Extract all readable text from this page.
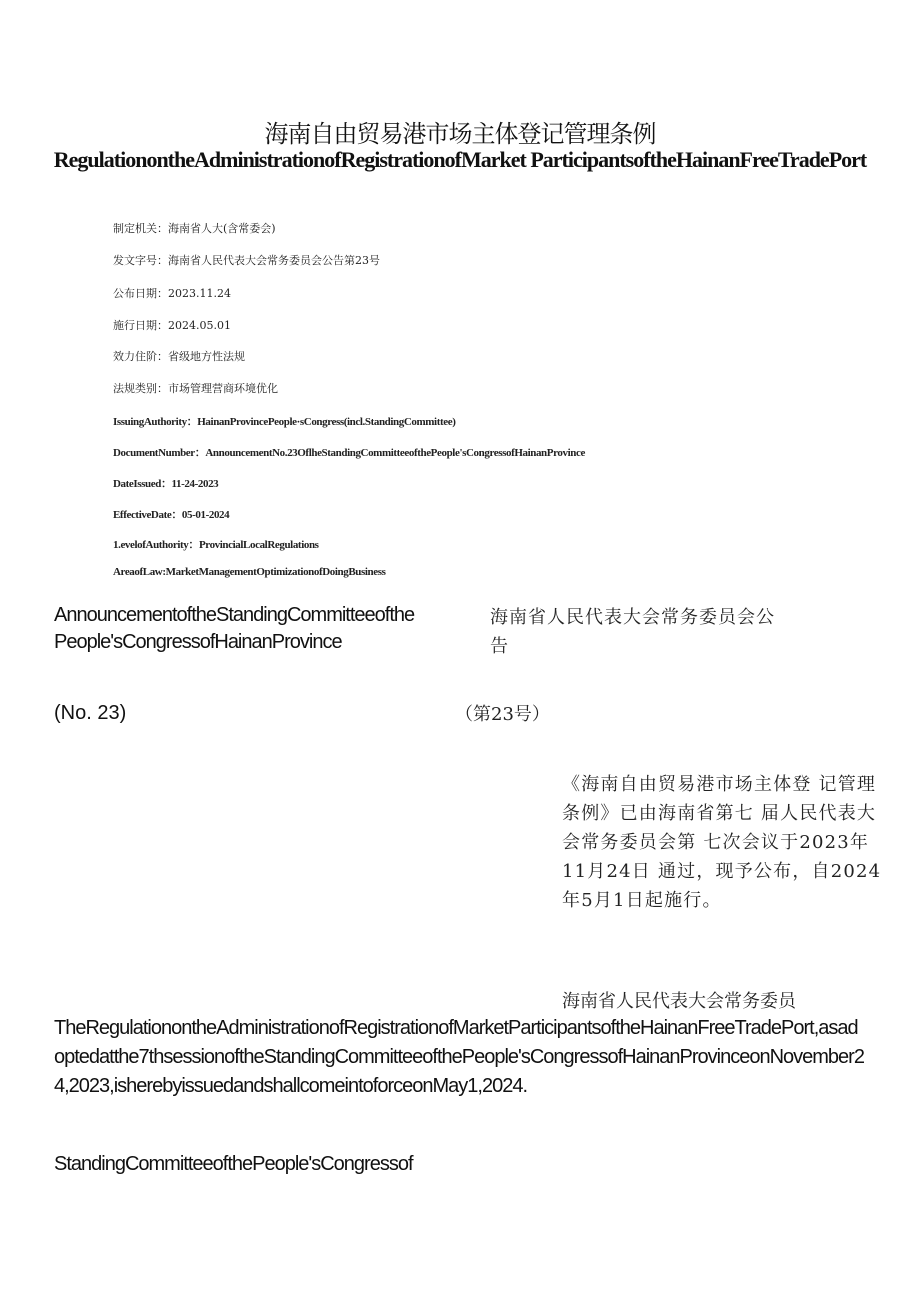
海南自由贸易港市场主体登记管理条例
RegulationontheAdministrationofRegistrationofMarket ParticipantsoftheHainanFreeTradePort
制定机关：海南省人大(含常委会)
发文字号：海南省人民代表大会常务委员会公告第23号
公布日期：2023.11.24
施行日期：2024.05.01
效力住阶：省级地方性法规
法规类别：市场管理营商环境优化
IssuingAuthority：HainanProvincePeople·sCongress(incl.StandingCommittee)
DocumentNumber：AnnouncementNo.23OflheStandingCommitteeofthePeople'sCongressofHainanProvince
DateIssued：11-24-2023
EffectiveDate：05-01-2024
1.evelofAuthority：ProvincialLocalRegulations
AreaofLaw:MarketManagementOptimizationofDoingBusiness
AnnouncementoftheStandingCommitteeofthe
People'sCongressofHainanProvince
海南省人民代表大会常务委员会公告
(No. 23)	（第23号）
《海南自由贸易港市场主体登 记管理条例》已由海南省第七 届人民代表大会常务委员会第 七次会议于2023年11月24日 通过，现予公布，自2024年5月1日起施行。
海南省人民代表大会常务委员
TheRegulationontheAdministrationofRegistrationofMarketParticipantsoftheHainanFreeTradePort,asadoptedatthe7thsessionoftheStandingCommitteeofthePeople'sCongressofHainanProvinceonNovember24,2023,isherebyissuedandshallcomeintoforceonMay1,2024.
StandingCommitteeofthePeople'sCongressof
